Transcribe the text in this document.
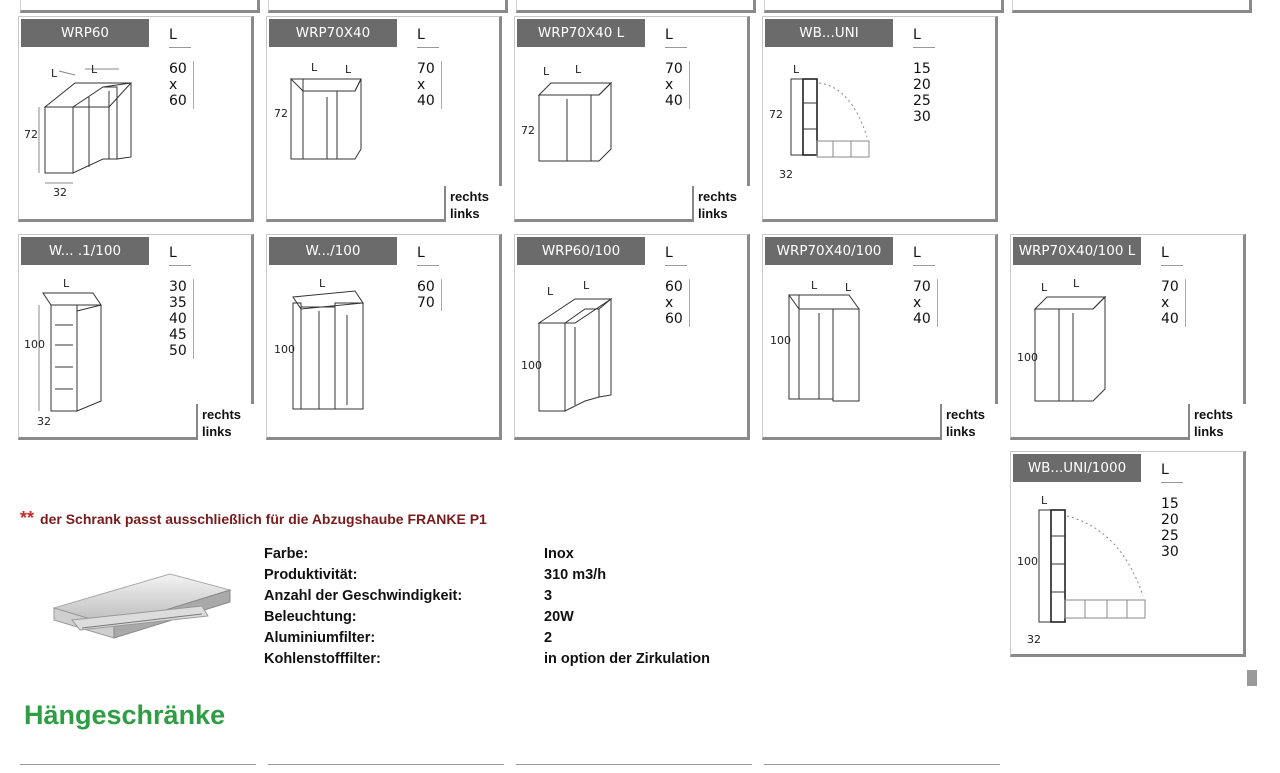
72
32
L	L
WRP60	L
60
x
60
72
L	L
WRP70X40	L
70
x
40
rechts
links
72
L L
WRP70X40 L	L
70
x
40
rechts
links
72
32
L
WB...UNI	L
15
20
25
30
100
32
L
W... .1/100	L
30
35
40
45
50
rechts
links
100
L
W.../100	L
60
70
100
L	L
WRP60/100	L
60
x
60
100
L	L
WRP70X40/100	L
70
x
40
rechts
links
100
L L
WRP70X40/100 L	L
70
x
40
rechts
links
100
32
L
WB...UNI/1000	L
15
20
25
30
** der Schrank passt ausschließlich für die Abzugshaube FRANKE P1
Farbe:	Inox
Produktivität:	310 m3/h
Anzahl der Geschwindigkeit:	3
Beleuchtung:	20W
Aluminiumfilter:	2
Kohlenstofffilter:	in option der Zirkulation
Hängeschränke
